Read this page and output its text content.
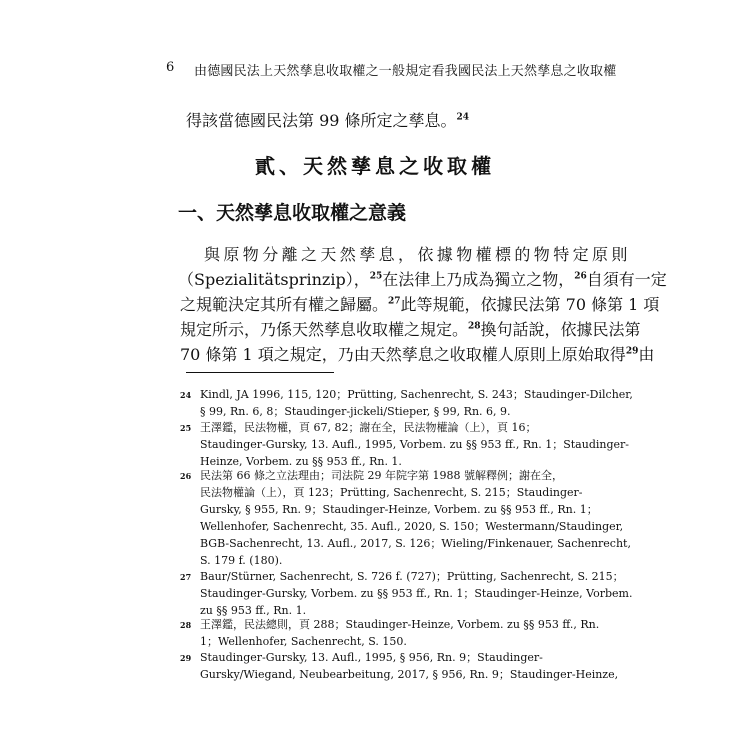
6 由德國民法上天然孳息收取權之一般規定看我國民法上天然孳息之收取權
得該當德國民法第 99 條所定之孳息。$^{24}$
貳、天然孳息之收取權
一、天然孳息收取權之意義
與原物分離之天然孳息，依據物權標的物特定原則
（Spezialitätsprinzip），$^{25}$在法律上乃成為獨立之物，$^{26}$自須有一定
之規範決定其所有權之歸屬。$^{27}$此等規範，依據民法第 70 條第 1 項
規定所示，乃係天然孳息收取權之規定。$^{28}$換句話說，依據民法第
70 條第 1 項之規定，乃由天然孳息之收取權人原則上原始取得$^{29}$由
24 Kindl, JA 1996, 115, 120；Prütting, Sachenrecht, S. 243；Staudinger-Dilcher,
§ 99, Rn. 6, 8；Staudinger-jickeli/Stieper, § 99, Rn. 6, 9.
25 王澤鑑，民法物權，頁 67, 82；謝在全，民法物權論（上），頁 16；
Staudinger-Gursky, 13. Aufl., 1995, Vorbem. zu §§ 953 ff., Rn. 1；Staudinger-
Heinze, Vorbem. zu §§ 953 ff., Rn. 1.
26 民法第 66 條之立法理由；司法院 29 年院字第 1988 號解釋例；謝在全，
民法物權論（上），頁 123；Prütting, Sachenrecht, S. 215；Staudinger-
Gursky, § 955, Rn. 9；Staudinger-Heinze, Vorbem. zu §§ 953 ff., Rn. 1；
Wellenhofer, Sachenrecht, 35. Aufl., 2020, S. 150；Westermann/Staudinger,
BGB-Sachenrecht, 13. Aufl., 2017, S. 126；Wieling/Finkenauer, Sachenrecht,
S. 179 f. (180).
27 Baur/Stürner, Sachenrecht, S. 726 f. (727)；Prütting, Sachenrecht, S. 215；
Staudinger-Gursky, Vorbem. zu §§ 953 ff., Rn. 1；Staudinger-Heinze, Vorbem.
zu §§ 953 ff., Rn. 1.
28 王澤鑑，民法總則，頁 288；Staudinger-Heinze, Vorbem. zu §§ 953 ff., Rn.
1；Wellenhofer, Sachenrecht, S. 150.
29 Staudinger-Gursky, 13. Aufl., 1995, § 956, Rn. 9；Staudinger-
Gursky/Wiegand, Neubearbeitung, 2017, § 956, Rn. 9；Staudinger-Heinze,
